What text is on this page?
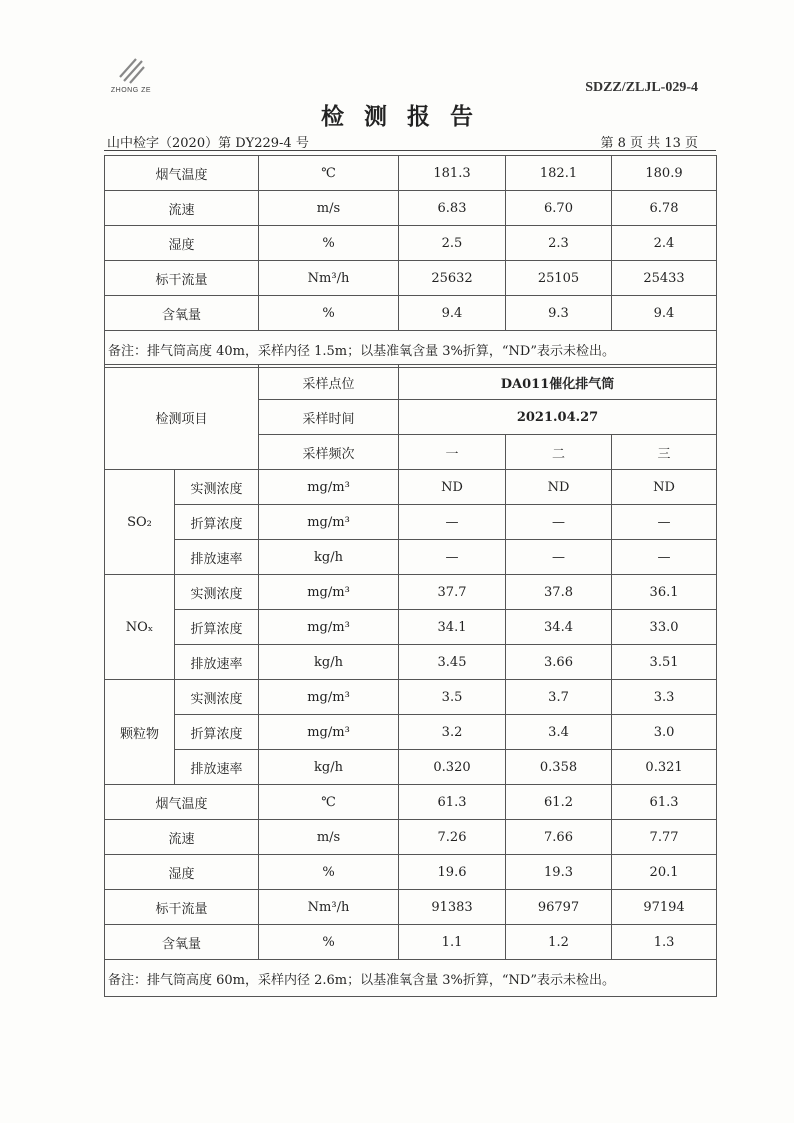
ZHONG ZE	SDZZ/ZLJL-029-4
检测报告
山中检字（2020）第 DY229-4 号	第 8 页 共 13 页
烟气温度	℃	181.3	182.1	180.9
流速	m/s	6.83	6.70	6.78
湿度	%	2.5	2.3	2.4
标干流量	Nm³/h	25632	25105	25433
含氧量	%	9.4	9.3	9.4
备注：排气筒高度 40m，采样内径 1.5m；以基准氧含量 3%折算，“ND”表示未检出。				
检测项目		采样点位	DA011催化排气筒		
		采样时间	2021.04.27		
		采样频次	一	二	三
SO₂	实测浓度	mg/m³	ND	ND	ND
	折算浓度	mg/m³	—	—	—
	排放速率	kg/h	—	—	—
NOₓ	实测浓度	mg/m³	37.7	37.8	36.1
	折算浓度	mg/m³	34.1	34.4	33.0
	排放速率	kg/h	3.45	3.66	3.51
颗粒物	实测浓度	mg/m³	3.5	3.7	3.3
	折算浓度	mg/m³	3.2	3.4	3.0
	排放速率	kg/h	0.320	0.358	0.321
烟气温度		℃	61.3	61.2	61.3
流速		m/s	7.26	7.66	7.77
湿度		%	19.6	19.3	20.1
标干流量		Nm³/h	91383	96797	97194
含氧量		%	1.1	1.2	1.3
备注：排气筒高度 60m，采样内径 2.6m；以基准氧含量 3%折算，“ND”表示未检出。					
